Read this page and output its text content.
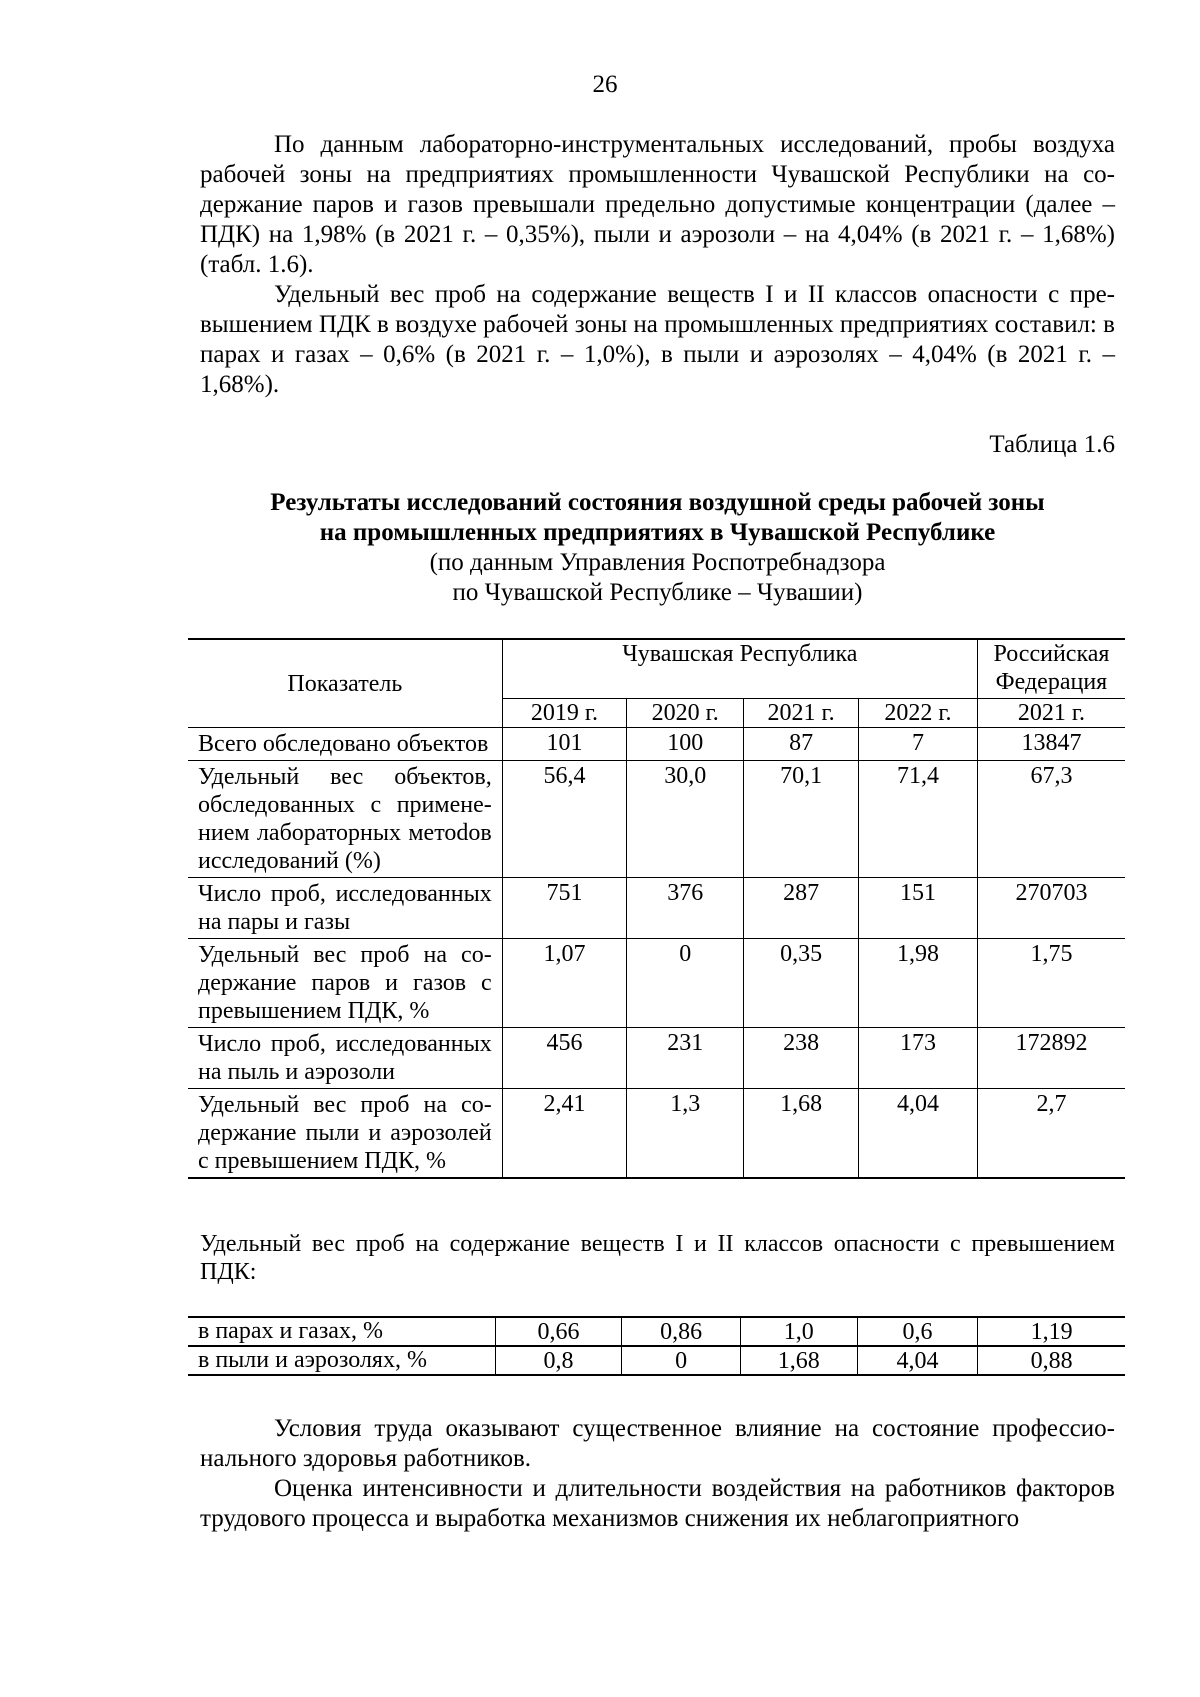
26

По данным лабораторно-инструментальных исследований, пробы воздуха рабочей зоны на предприятиях промышленности Чувашской Республики на содержание паров и газов превышали предельно допустимые концентрации (далее – ПДК) на 1,98% (в 2021 г. – 0,35%), пыли и аэрозоли – на 4,04% (в 2021 г. – 1,68%) (табл. 1.6).

Удельный вес проб на содержание веществ I и II классов опасности с превышением ПДК в воздухе рабочей зоны на промышленных предприятиях составил: в парах и газах – 0,6% (в 2021 г. – 1,0%), в пыли и аэрозолях – 4,04% (в 2021 г. – 1,68%).

Таблица 1.6
Результаты исследований состояния воздушной среды рабочей зоны
на промышленных предприятиях в Чувашской Республике
(по данным Управления Роспотребнадзора
по Чувашской Республике – Чувашии)
Показатель	Чувашская Республика				Российская Федерация
	2019 г.	2020 г.	2021 г.	2022 г.	2021 г.
Всего обследовано объектов	101	100	87	7	13847
Удельный вес объектов, обследованных с применением лабораторных метоdов исследований (%)	56,4	30,0	70,1	71,4	67,3
Число проб, исследованных на пары и газы	751	376	287	151	270703
Удельный вес проб на содержание паров и газов с превышением ПДК, %	1,07	0	0,35	1,98	1,75
Число проб, исследованных на пыль и аэрозоли	456	231	238	173	172892
Удельный вес проб на содержание пыли и аэрозолей с превышением ПДК, %	2,41	1,3	1,68	4,04	2,7

Удельный вес проб на содержание веществ I и II классов опасности с превышением ПДК:

в парах и газах, %	0,66	0,86	1,0	0,6	1,19
в пыли и аэрозолях, %	0,8	0	1,68	4,04	0,88

Условия труда оказывают существенное влияние на состояние профессионального здоровья работников.

Оценка интенсивности и длительности воздействия на работников факторов трудового процесса и выработка механизмов снижения их неблагоприятного
